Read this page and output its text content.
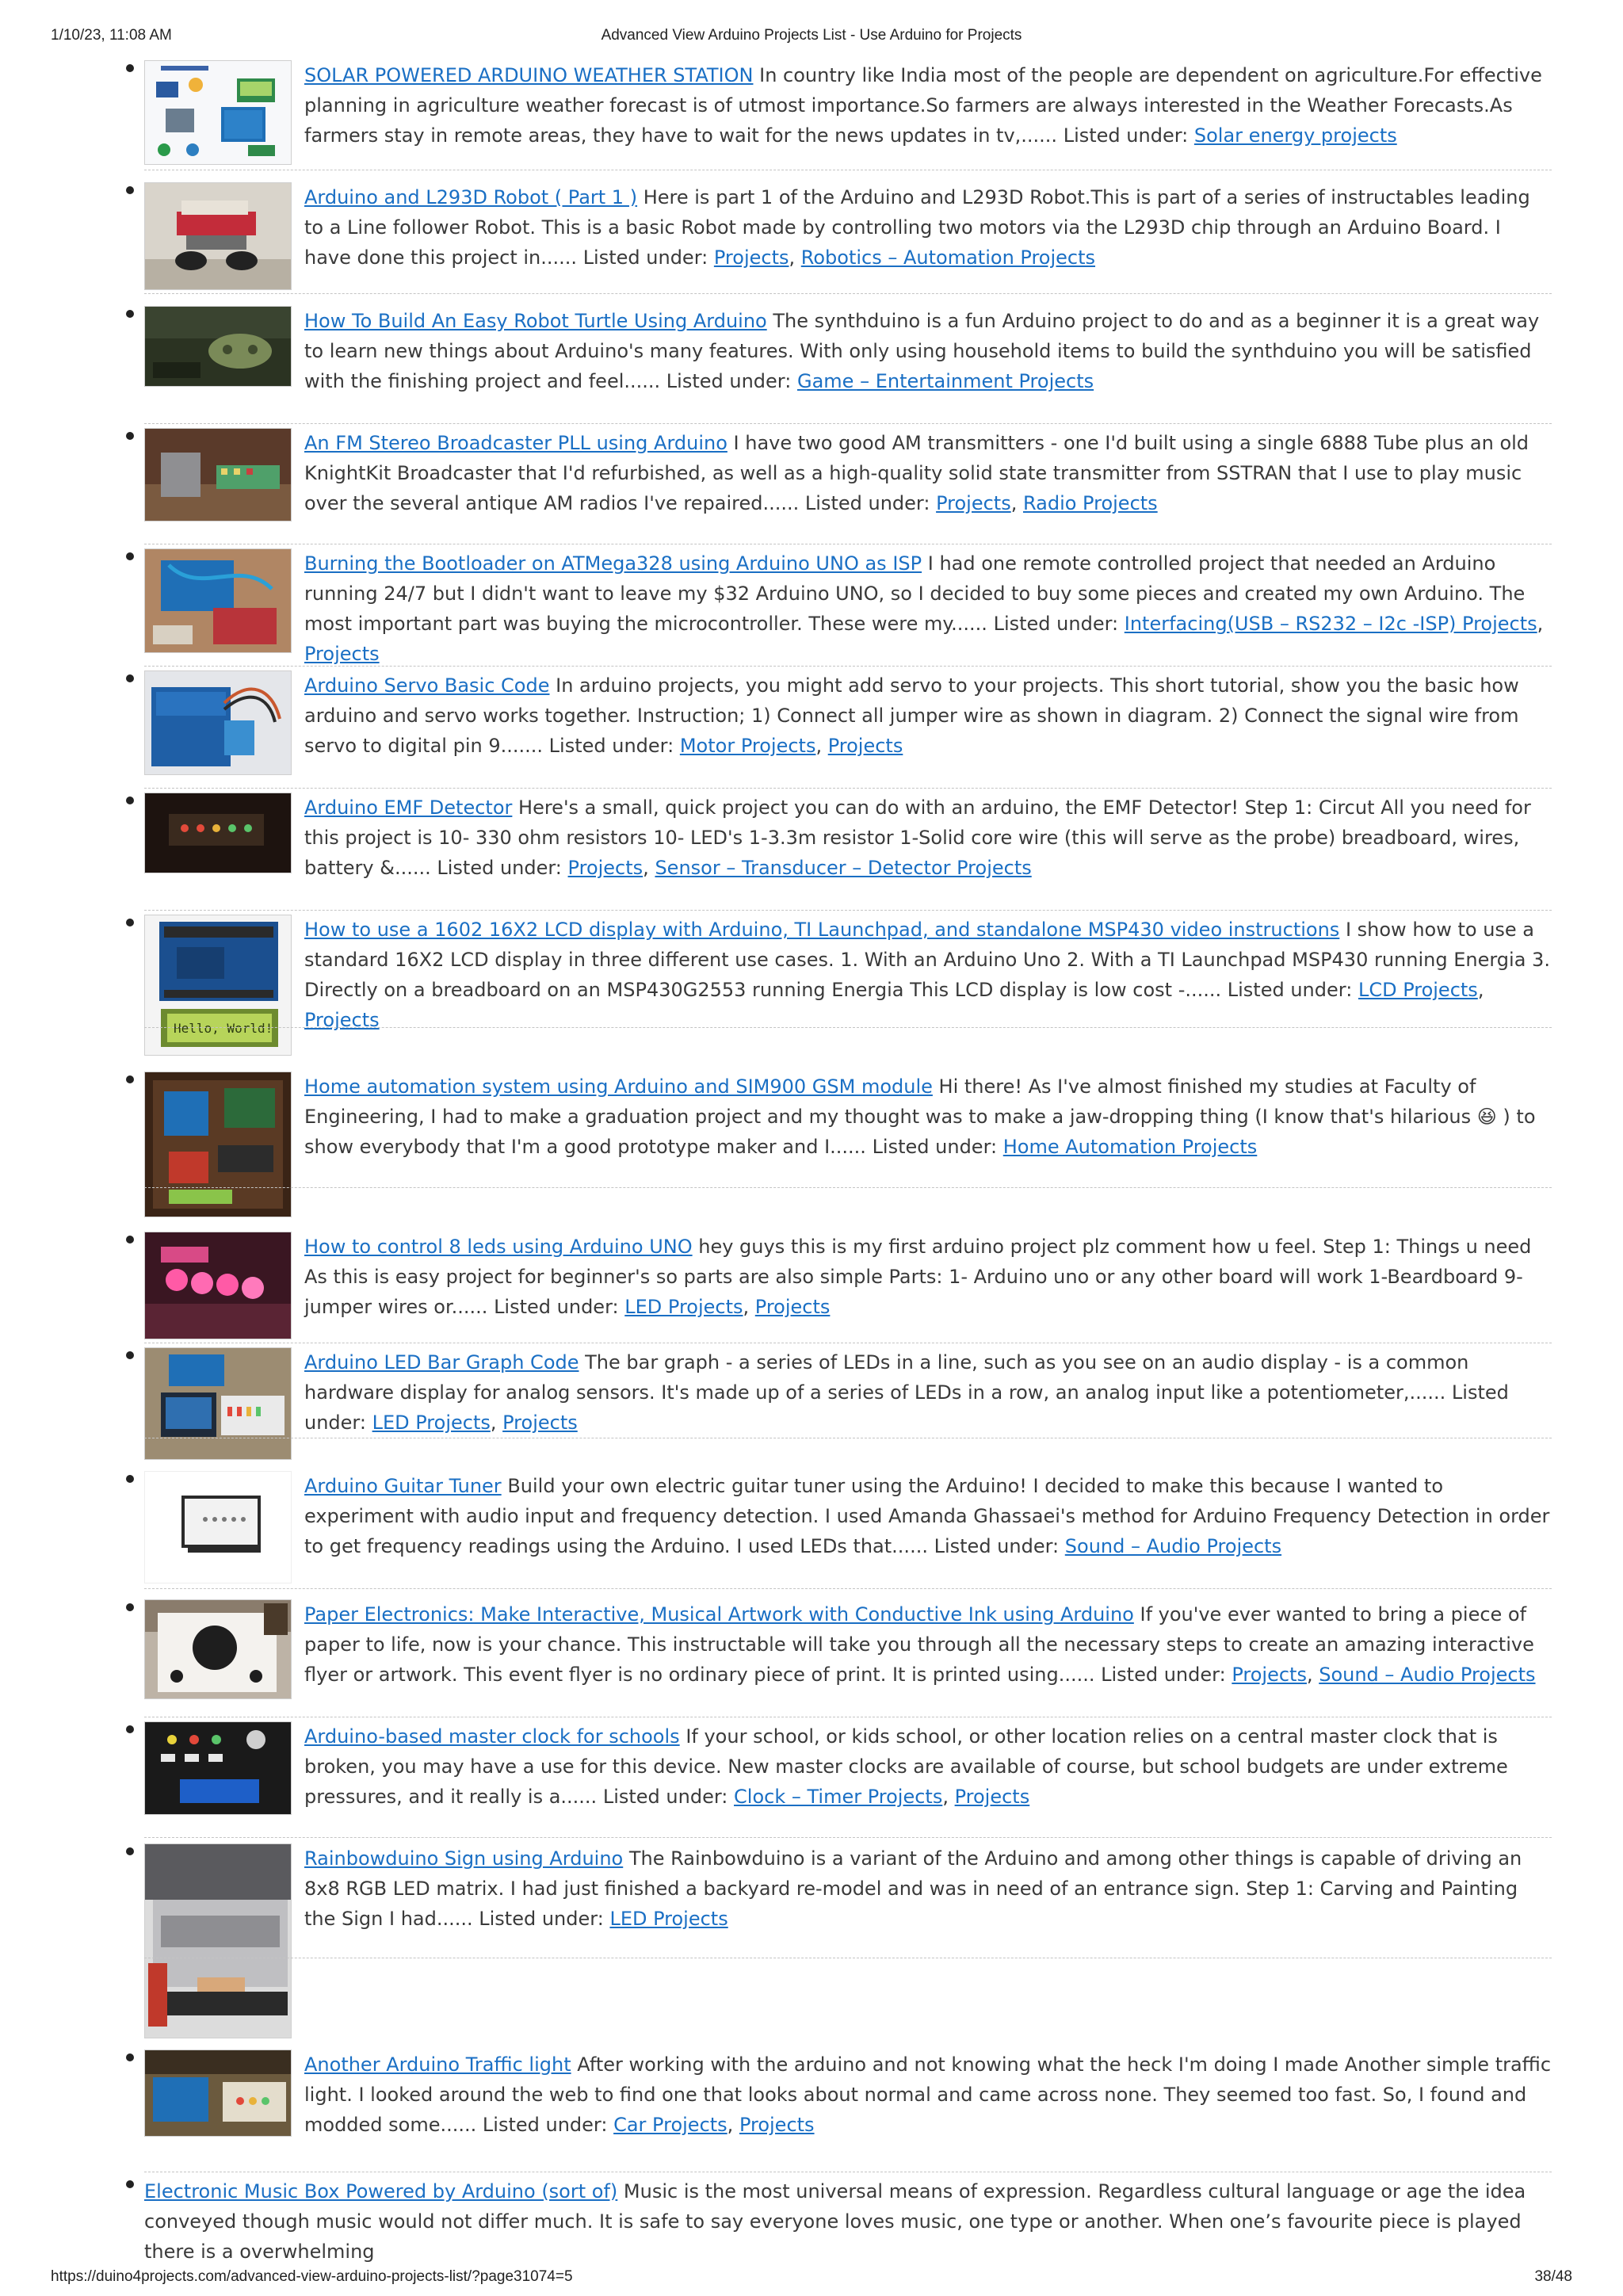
1/10/23, 11:08 AM	Advanced View Arduino Projects List - Use Arduino for Projects
SOLAR POWERED ARDUINO WEATHER STATION In country like India most of the people are dependent on agriculture.For effective planning in agriculture weather forecast is of utmost importance.So farmers are always interested in the Weather Forecasts.As farmers stay in remote areas, they have to wait for the news updates in tv,...... Listed under: Solar energy projects
Arduino and L293D Robot ( Part 1 ) Here is part 1 of the Arduino and L293D Robot.This is part of a series of instructables leading to a Line follower Robot. This is a basic Robot made by controlling two motors via the L293D chip through an Arduino Board. I have done this project in...... Listed under: Projects, Robotics – Automation Projects
How To Build An Easy Robot Turtle Using Arduino The synthduino is a fun Arduino project to do and as a beginner it is a great way to learn new things about Arduino's many features. With only using household items to build the synthduino you will be satisfied with the finishing project and feel...... Listed under: Game – Entertainment Projects
An FM Stereo Broadcaster PLL using Arduino I have two good AM transmitters - one I'd built using a single 6888 Tube plus an old KnightKit Broadcaster that I'd refurbished, as well as a high-quality solid state transmitter from SSTRAN that I use to play music over the several antique AM radios I've repaired...... Listed under: Projects, Radio Projects
Burning the Bootloader on ATMega328 using Arduino UNO as ISP I had one remote controlled project that needed an Arduino running 24/7 but I didn't want to leave my $32 Arduino UNO, so I decided to buy some pieces and created my own Arduino. The most important part was buying the microcontroller. These were my...... Listed under: Interfacing(USB – RS232 – I2c -ISP) Projects, Projects
Arduino Servo Basic Code In arduino projects, you might add servo to your projects. This short tutorial, show you the basic how arduino and servo works together. Instruction; 1) Connect all jumper wire as shown in diagram. 2) Connect the signal wire from servo to digital pin 9....... Listed under: Motor Projects, Projects
Arduino EMF Detector Here's a small, quick project you can do with an arduino, the EMF Detector! Step 1: Circut All you need for this project is 10- 330 ohm resistors 10- LED's 1-3.3m resistor 1-Solid core wire (this will serve as the probe) breadboard, wires, battery &...... Listed under: Projects, Sensor – Transducer – Detector Projects
Hello, World!
How to use a 1602 16X2 LCD display with Arduino, TI Launchpad, and standalone MSP430 video instructions I show how to use a standard 16X2 LCD display in three different use cases. 1. With an Arduino Uno 2. With a TI Launchpad MSP430 running Energia 3. Directly on a breadboard on an MSP430G2553 running Energia This LCD display is low cost -...... Listed under: LCD Projects, Projects
Home automation system using Arduino and SIM900 GSM module Hi there! As I've almost finished my studies at Faculty of Engineering, I had to make a graduation project and my thought was to make a jaw-dropping thing (I know that's hilarious 😆 ) to show everybody that I'm a good prototype maker and I...... Listed under: Home Automation Projects
How to control 8 leds using Arduino UNO hey guys this is my first arduino project plz comment how u feel. Step 1: Things u need As this is easy project for beginner's so parts are also simple Parts: 1- Arduino uno or any other board will work 1-Beardboard 9- jumper wires or...... Listed under: LED Projects, Projects
Arduino LED Bar Graph Code The bar graph - a series of LEDs in a line, such as you see on an audio display - is a common hardware display for analog sensors. It's made up of a series of LEDs in a row, an analog input like a potentiometer,...... Listed under: LED Projects, Projects
Arduino Guitar Tuner Build your own electric guitar tuner using the Arduino! I decided to make this because I wanted to experiment with audio input and frequency detection. I used Amanda Ghassaei's method for Arduino Frequency Detection in order to get frequency readings using the Arduino. I used LEDs that...... Listed under: Sound – Audio Projects
Paper Electronics: Make Interactive, Musical Artwork with Conductive Ink using Arduino If you've ever wanted to bring a piece of paper to life, now is your chance. This instructable will take you through all the necessary steps to create an amazing interactive flyer or artwork. This event flyer is no ordinary piece of print. It is printed using...... Listed under: Projects, Sound – Audio Projects
Arduino-based master clock for schools If your school, or kids school, or other location relies on a central master clock that is broken, you may have a use for this device. New master clocks are available of course, but school budgets are under extreme pressures, and it really is a...... Listed under: Clock – Timer Projects, Projects
Rainbowduino Sign using Arduino The Rainbowduino is a variant of the Arduino and among other things is capable of driving an 8x8 RGB LED matrix. I had just finished a backyard re-model and was in need of an entrance sign. Step 1: Carving and Painting the Sign I had...... Listed under: LED Projects
Another Arduino Traffic light After working with the arduino and not knowing what the heck I'm doing I made Another simple traffic light. I looked around the web to find one that looks about normal and came across none. They seemed too fast. So, I found and modded some...... Listed under: Car Projects, Projects
Electronic Music Box Powered by Arduino (sort of) Music is the most universal means of expression. Regardless cultural language or age the idea conveyed though music would not differ much. It is safe to say everyone loves music, one type or another. When one’s favourite piece is played there is a overwhelming
https://duino4projects.com/advanced-view-arduino-projects-list/?page31074=5	38/48
